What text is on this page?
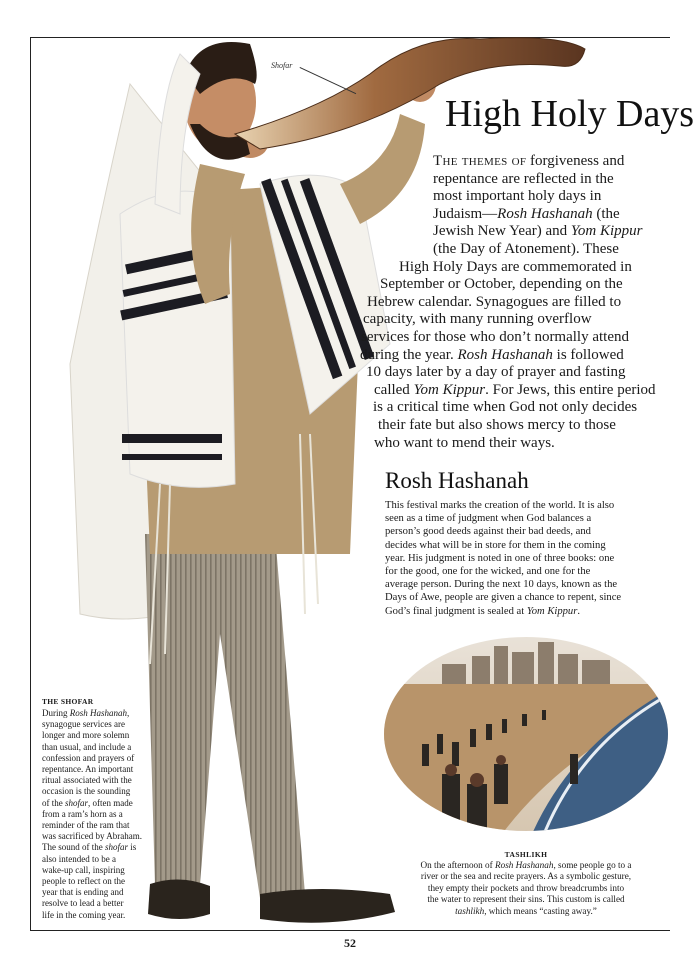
Shofar
High Holy Days
The themes of forgiveness and
repentance are reflected in the
most important holy days in
Judaism—Rosh Hashanah (the
Jewish New Year) and Yom Kippur
(the Day of Atonement). These
High Holy Days are commemorated in
September or October, depending on the
Hebrew calendar. Synagogues are filled to
capacity, with many running overflow
services for those who don’t normally attend
during the year. Rosh Hashanah is followed
10 days later by a day of prayer and fasting
called Yom Kippur. For Jews, this entire period
is a critical time when God not only decides
their fate but also shows mercy to those
who want to mend their ways.
Rosh Hashanah
This festival marks the creation of the world. It is also
seen as a time of judgment when God balances a
person’s good deeds against their bad deeds, and
decides what will be in store for them in the coming
year. His judgment is noted in one of three books: one
for the good, one for the wicked, and one for the
average person. During the next 10 days, known as the
Days of Awe, people are given a chance to repent, since
God’s final judgment is sealed at Yom Kippur.
TASHLIKH
On the afternoon of Rosh Hashanah, some people go to a
river or the sea and recite prayers. As a symbolic gesture,
they empty their pockets and throw breadcrumbs into
the water to represent their sins. This custom is called
tashlikh, which means “casting away.”
THE SHOFAR
During Rosh Hashanah,
synagogue services are
longer and more solemn
than usual, and include a
confession and prayers of
repentance. An important
ritual associated with the
occasion is the sounding
of the shofar, often made
from a ram’s horn as a
reminder of the ram that
was sacrificed by Abraham.
The sound of the shofar is
also intended to be a
wake-up call, inspiring
people to reflect on the
year that is ending and
resolve to lead a better
life in the coming year.
52
